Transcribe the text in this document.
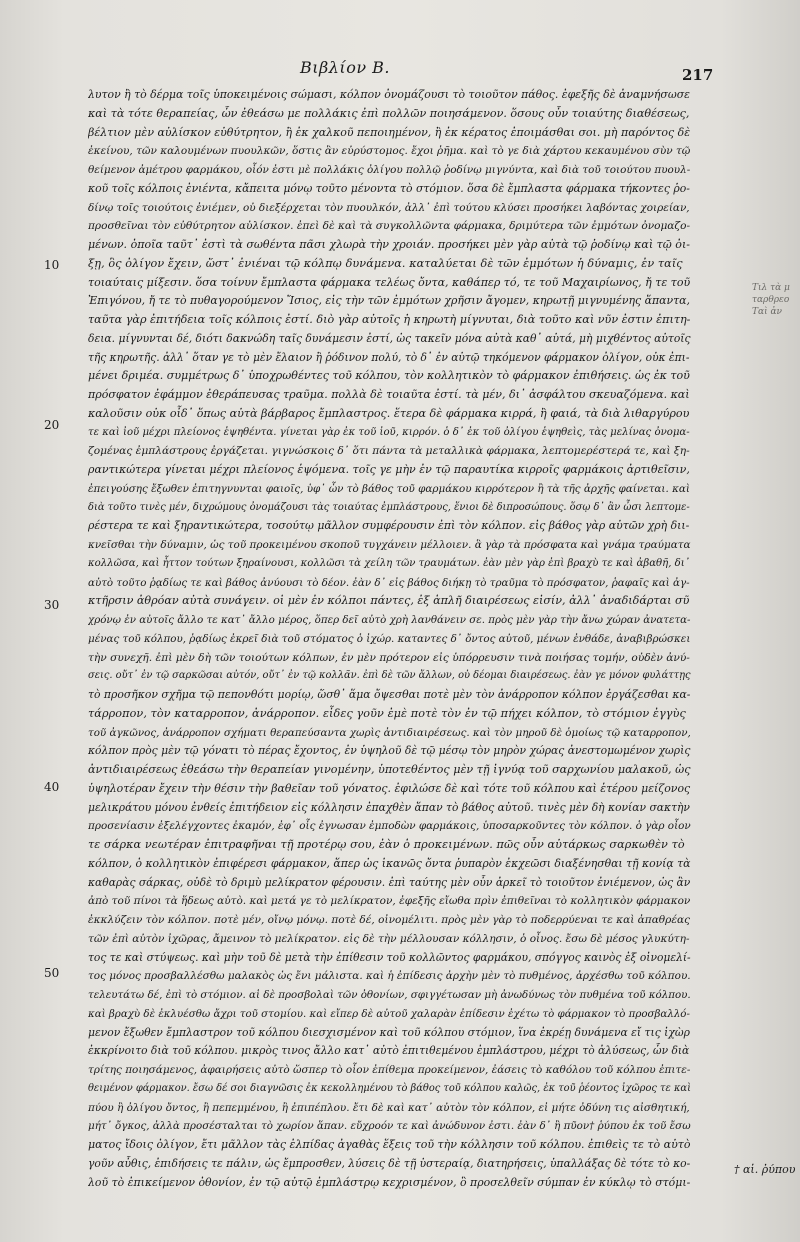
Βιβλίον Β.	217
10
20
30
40
50
Τιλ τὰ μ
ταρθρεο
Ταὶ ἀν
λυτον ἢ τὸ δέρμα τοῖς ὑποκειμένοις σώμασι, κόλπον ὀνομάζουσι τὸ τοιοῦτον πάθος. ἐφεξῆς δὲ ἀναμνήσωσε
καὶ τὰ τότε θεραπείας, ὧν ἐθεάσω με πολλάκις ἐπὶ πολλῶν ποιησάμενον. ὅσους οὖν τοιαύτης διαθέσεως,
βέλτιον μὲν αὐλίσκον εὐθύτρητον, ἢ ἐκ χαλκοῦ πεποιημένον, ἢ ἐκ κέρατος ἐποιμάσθαι σοι. μὴ παρόντος δὲ
ἐκείνου, τῶν καλουμένων πυουλκῶν, ὅστις ἂν εὐρύστομος. ἔχοι ῥῆμα. καὶ τὸ γε διὰ χάρτου κεκαυμένου σὺν τῷ
θείμενον ἀμέτρου φαρμάκου, οἷόν ἐστι μὲ πολλάκις ὀλίγου πολλῷ ῥοδίνῳ μιγνύντα, καὶ διὰ τοῦ τοιούτου πυουλ-
κοῦ τοῖς κόλποις ἐνιέντα, κἄπειτα μόνῳ τοῦτο μένοντα τὸ στόμιον. ὅσα δὲ ἔμπλαστα φάρμακα τήκοντες ῥο-
δίνῳ τοῖς τοιούτοις ἐνιέμεν, οὐ διεξέρχεται τὸν πυουλκόν, ἀλλ᾽ ἐπὶ τούτου κλύσει προσήκει λαβόντας χοιρείαν,
προσθεῖναι τὸν εὐθύτρητον αὐλίσκον. ἐπεὶ δὲ καὶ τὰ συγκολλῶντα φάρμακα, δριμύτερα τῶν ἐμμότων ὀνομαζο-
μένων. ὁποῖα ταῦτ᾽ ἐστὶ τὰ σωθέντα πᾶσι χλωρὰ τὴν χροιάν. προσήκει μὲν γὰρ αὐτὰ τῷ ῥοδίνῳ καὶ τῷ ὀι-
ξῃ, ὃς ὀλίγον ἔχειν, ὥστ᾽ ἐνιέναι τῷ κόλπῳ δυνάμενα. καταλύεται δὲ τῶν ἐμμότων ἡ δύναμις, ἐν ταῖς
τοιαύταις μίξεσιν. ὅσα τοίνυν ἔμπλαστα φάρμακα τελέως ὄντα, καθάπερ τό, τε τοῦ Μαχαιρίωνος, ἤ τε τοῦ
Ἐπιγόνου, ἤ τε τὸ πυθαγορούμενον Ἴσιος, εἰς τὴν τῶν ἐμμότων χρῆσιν ἄγομεν, κηρωτῇ μιγνυμένης ἅπαντα,
ταῦτα γὰρ ἐπιτήδεια τοῖς κόλποις ἐστί. διὸ γὰρ αὐτοῖς ἡ κηρωτὴ μίγνυται, διὰ τοῦτο καὶ νῦν ἐστιν ἐπιτη-
δεια. μίγνυνται δέ, διότι δακνώδη ταῖς δυνάμεσιν ἐστί, ὡς τακεῖν μόνα αὐτὰ καθ᾽ αὑτά, μὴ μιχθέντος αὐτοῖς
τῆς κηρωτῆς. ἀλλ᾽ ὅταν γε τὸ μὲν ἔλαιον ἢ ῥόδινον πολύ, τὸ δ᾽ ἐν αὐτῷ τηκόμενον φάρμακον ὀλίγον, οὐκ ἐπι-
μένει δριμέα. συμμέτρως δ᾽ ὑποχρωθέντες τοῦ κόλπου, τὸν κολλητικὸν τὸ φάρμακον ἐπιθήσεις. ὡς ἐκ τοῦ
πρόσφατον ἐφάμμον ἐθεράπευσας τραῦμα. πολλὰ δὲ τοιαῦτα ἐστί. τὰ μέν, δι᾽ ἀσφάλτου σκευαζόμενα. καὶ
καλοῦσιν οὐκ οἶδ᾽ ὅπως αὐτὰ βάρβαρος ἔμπλαστρος. ἕτερα δὲ φάρμακα κιρρά, ἢ φαιά, τὰ διὰ λιθαργύρου
τε καὶ ἰοῦ μέχρι πλείονος ἑψηθέντα. γίνεται γὰρ ἐκ τοῦ ἰοῦ, κιρρόν. ὁ δ᾽ ἐκ τοῦ ὀλίγου ἑψηθεὶς, τὰς μελίνας ὀνομα-
ζομένας ἐμπλάστρους ἐργάζεται. γιγνώσκοις δ᾽ ὅτι πάντα τὰ μεταλλικὰ φάρμακα, λεπτομερέστερά τε, καὶ ξη-
ραντικώτερα γίνεται μέχρι πλείονος ἑψόμενα. τοῖς γε μὴν ἐν τῷ παραυτίκα κιρροῖς φαρμάκοις ἀρτιθεῖσιν,
ἐπειγούσης ἔξωθεν ἐπιτηγνυνται φαιοῖς, ὑφ᾽ ὧν τὸ βάθος τοῦ φαρμάκου κιρρότερον ἢ τὰ τῆς ἀρχῆς φαίνεται. καὶ
διὰ τοῦτο τινὲς μέν, διχρώμους ὀνομάζουσι τὰς τοιαύτας ἐμπλάστρους, ἕνιοι δὲ διπροσώπους. ὅσῳ δ᾽ ἂν ὦσι λεπτομε-
ρέστερα τε καὶ ξηραντικώτερα, τοσούτῳ μᾶλλον συμφέρουσιν ἐπὶ τὸν κόλπον. εἰς βάθος γὰρ αὐτῶν χρὴ διι-
κνεῖσθαι τὴν δύναμιν, ὡς τοῦ προκειμένου σκοποῦ τυγχάνειν μέλλοιεν. ἃ γὰρ τὰ πρόσφατα καὶ γνάμα τραύματα
κολλῶσα, καὶ ἧττον τούτων ξηραίνουσι, κολλῶσι τὰ χείλη τῶν τραυμάτων. ἐὰν μὲν γὰρ ἐπὶ βραχὺ τε καὶ ἀβαθῆ, δι᾽
αὐτὸ τοῦτο ῥᾳδίως τε καὶ βάθος ἀνύουσι τὸ δέον. ἐὰν δ᾽ εἰς βάθος διήκῃ τὸ τραῦμα τὸ πρόσφατον, ῥαφαῖς καὶ ἀγ-
κτῆρσιν ἀθρόαν αὐτὰ συνάγειν. οἱ μὲν ἐν κόλποι πάντες, ἐξ ἁπλῆ διαιρέσεως εἰσίν, ἀλλ᾽ ἀναδιδάρται σῦ
χρόνῳ ἐν αὐτοῖς ἄλλο τε κατ᾽ ἄλλο μέρος, ὅπερ δεῖ αὐτὸ χρὴ λανθάνειν σε. πρὸς μὲν γὰρ τὴν ἄνω χώραν ἀνατετα-
μένας τοῦ κόλπου, ῥᾳδίως ἐκρεῖ διὰ τοῦ στόματος ὁ ἰχώρ. καταντες δ᾽ ὄντος αὐτοῦ, μένων ἐνθάδε, ἀναβιβρώσκει
τὴν συνεχῆ. ἐπὶ μὲν δὴ τῶν τοιούτων κόλπων, ἐν μὲν πρότερον εἰς ὑπόρρευσιν τινὰ ποιήσας τομήν, οὐδὲν ἀνύ-
σεις. οὔτ᾽ ἐν τῷ σαρκῶσαι αὐτόν, οὔτ᾽ ἐν τῷ κολλᾶν. ἐπὶ δὲ τῶν ἄλλων, οὐ δέομαι διαιρέσεως. ἐὰν γε μόνον φυλάττῃς
τὸ προσῆκον σχῆμα τῷ πεπονθότι μορίῳ, ὥσθ᾽ ἅμα ὄψεσθαι ποτὲ μὲν τὸν ἀνάρροπον κόλπον ἐργάζεσθαι κα-
τάρροπον, τὸν καταρροπον, ἀνάρροπον. εἶδες γοῦν ἐμὲ ποτὲ τὸν ἐν τῷ πήχει κόλπον, τὸ στόμιον ἐγγὺς
τοῦ ἀγκῶνος, ἀνάρροπον σχήματι θεραπεύσαντα χωρὶς ἀντιδιαιρέσεως. καὶ τὸν μηροῦ δὲ ὁμοίως τῷ καταρροπον,
κόλπον πρὸς μὲν τῷ γόνατι τὸ πέρας ἔχοντος, ἐν ὑψηλοῦ δὲ τῷ μέσῳ τὸν μηρὸν χώρας ἀνεστομωμένον χωρὶς
ἀντιδιαιρέσεως ἐθεάσω τὴν θεραπείαν γινομένην, ὑποτεθέντος μὲν τῇ ἰγνύᾳ τοῦ σαρχωνίου μαλακοῦ, ὡς
ὑψηλοτέραν ἔχειν τὴν θέσιν τὴν βαθεῖαν τοῦ γόνατος. ἐφιλώσε δὲ καὶ τότε τοῦ κόλπου καὶ ἑτέρου μείζονος
μελικράτου μόνου ἐνθείς ἐπιτήδειον εἰς κόλλησιν ἐπαχθὲν ἅπαν τὸ βάθος αὐτοῦ. τινὲς μὲν δὴ κονίαν σακτὴν
προσενίασιν ἐξελέγχοντες ἐκαμόν, ἐφ᾽ οἷς ἐγνωσαν ἐμποδὼν φαρμάκοις, ὑποσαρκοῦντες τὸν κόλπον. ὁ γὰρ οἶον
τε σάρκα νεωτέραν ἐπιτραφῆναι τῇ προτέρῳ σου, ἐὰν ὁ προκειμένων. πῶς οὖν αὐτάρκως σαρκωθὲν τὸ
κόλπον, ὁ κολλητικὸν ἐπιφέρεσι φάρμακον, ἅπερ ὡς ἱκανῶς ὄντα ῥυπαρὸν ἐκχεῶσι διαξένησθαι τῇ κονίᾳ τὰ
καθαρὰς σάρκας, οὐδὲ τὸ δριμὺ μελίκρατον φέρουσιν. ἐπὶ ταύτης μὲν οὖν ἀρκεῖ τὸ τοιοῦτον ἐνιέμενον, ὡς ἂν
ἀπὸ τοῦ πίνοι τὰ ἥδεως αὐτὸ. καὶ μετά γε τὸ μελίκρατον, ἐφεξῆς εἴωθα πρὶν ἐπιθεῖναι τὸ κολλητικὸν φάρμακον
ἐκκλύζειν τὸν κόλπον. ποτὲ μέν, οἴνῳ μόνῳ. ποτὲ δέ, οἰνομέλιτι. πρὸς μὲν γὰρ τὸ ποδερρύεναι τε καὶ ἀπαθρέας
τῶν ἐπὶ αὐτὸν ἰχῶρας, ἄμεινον τὸ μελίκρατον. εἰς δὲ τὴν μέλλουσαν κόλλησιν, ὁ οἶνος. ἔσω δὲ μέσος γλυκύτη-
τος τε καὶ στύψεως. καὶ μὴν τοῦ δὲ μετὰ τὴν ἐπίθεσιν τοῦ κολλῶντος φαρμάκου, σπόγγος καινὸς ἐξ οἰνομελί-
τος μόνος προσβαλλέσθω μαλακὸς ὡς ἔνι μάλιστα. καὶ ἡ ἐπίδεσις ἀρχὴν μὲν τὸ πυθμένος, ἀρχέσθω τοῦ κόλπου.
τελευτάτω δέ, ἐπὶ τὸ στόμιον. αἱ δὲ προσβολαὶ τῶν ὀθονίων, σφιγγέτωσαν μὴ ἀνωδύνως τὸν πυθμένα τοῦ κόλπου.
καὶ βραχὺ δὲ ἐκλυέσθω ἄχρι τοῦ στομίου. καὶ εἴπερ δὲ αὐτοῦ χαλαρὰν ἐπίδεσιν ἐχέτω τὸ φάρμακον τὸ προσβαλλό-
μενον ἔξωθεν ἔμπλαστρον τοῦ κόλπου διεσχισμένον καὶ τοῦ κόλπου στόμιον, ἵνα ἐκρέῃ δυνάμενα εἴ τις ἰχὼρ
ἐκκρίνοιτο διὰ τοῦ κόλπου. μικρὸς τινος ἄλλο κατ᾽ αὐτὸ ἐπιτιθεμένου ἐμπλάστρου, μέχρι τὸ ἀλύσεως, ὧν διὰ
τρίτης ποιησάμενος, ἀφαιρήσεις αὐτὸ ὥσπερ τὸ οἷον ἐπίθεμα προκείμενον, ἐάσεις τὸ καθόλου τοῦ κόλπου ἐπιτε-
θειμένον φάρμακον. ἔσω δέ σοι διαγνῶσις ἐκ κεκολλημένου τὸ βάθος τοῦ κόλπου καλῶς, ἐκ τοῦ ῥέοντος ἰχῶρος τε καὶ
πύου ἢ ὀλίγου ὄντος, ἢ πεπεμμένου, ἢ ἐπιπέπλου. ἔτι δὲ καὶ κατ᾽ αὐτὸν τὸν κόλπον, εἰ μήτε ὀδύνη τις αἰσθητική,
μήτ᾽ ὄγκος, ἀλλὰ προσέσταλται τὸ χωρίον ἅπαν. εὔχροόν τε καὶ ἀνώδυνον ἐστι. ἐὰν δ᾽ ἢ πῦον† ῥύπου ἐκ τοῦ ἔσω
ματος ἴδοις ὀλίγον, ἔτι μᾶλλον τὰς ἐλπίδας ἀγαθὰς ἕξεις τοῦ τὴν κόλλησιν τοῦ κόλπου. ἐπιθεὶς τε τὸ αὐτὸ
γοῦν αὖθις, ἐπιδήσεις τε πάλιν, ὡς ἔμπροσθεν, λύσεις δὲ τῇ ὑστεραίᾳ, διατηρήσεις, ὑπαλλάξας δὲ τότε τὸ κο-
λοῦ τὸ ἐπικείμενον ὀθονίον, ἐν τῷ αὐτῷ ἐμπλάστρῳ κεχρισμένον, ὃ προσελθεῖν σύμπαν ἐν κύκλῳ τὸ στόμι-
† αἱ. ῥύπου
